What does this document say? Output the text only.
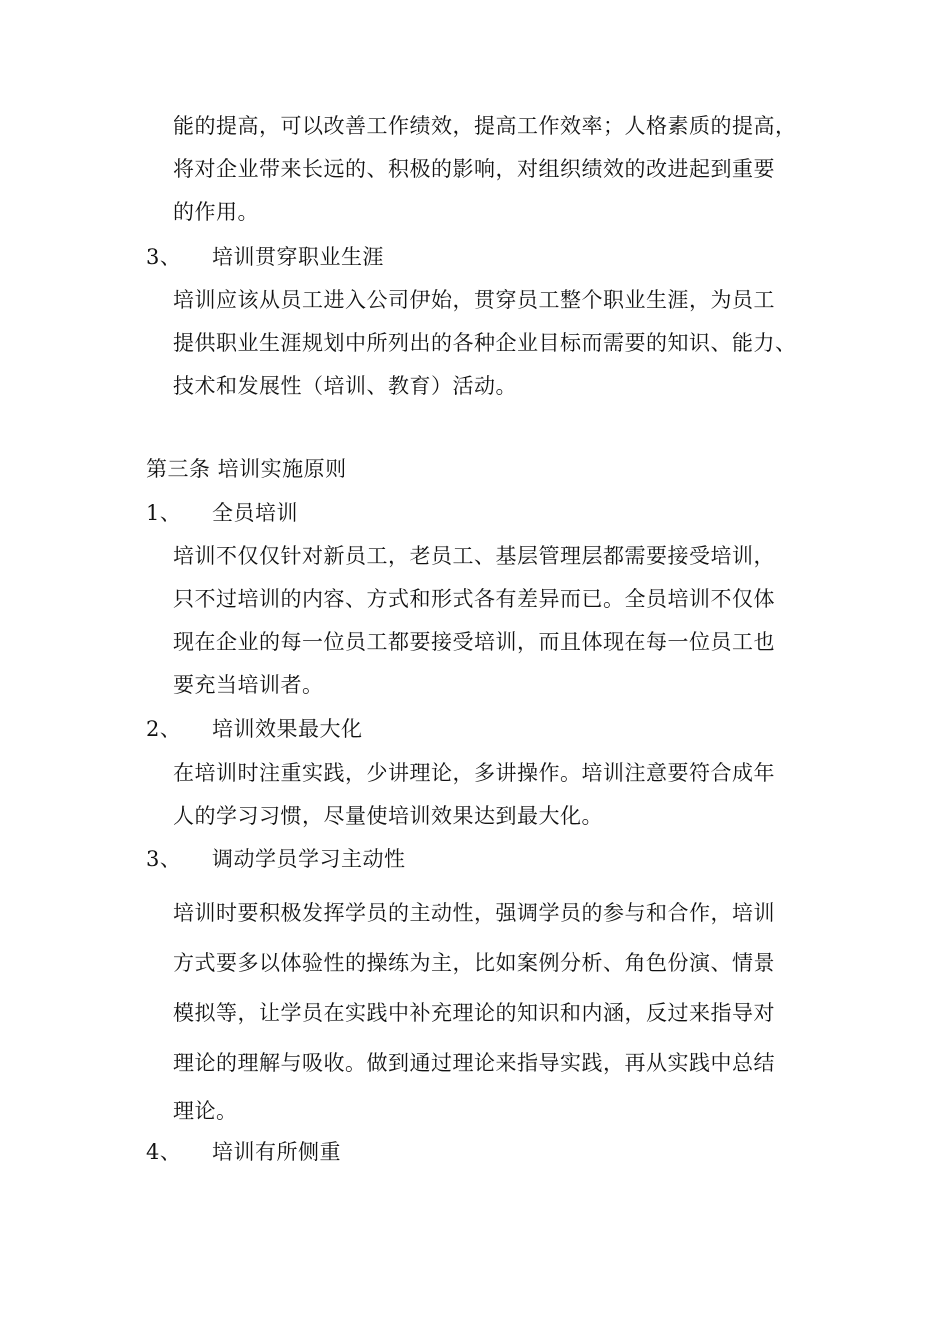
能的提高，可以改善工作绩效，提高工作效率；人格素质的提高，
将对企业带来长远的、积极的影响，对组织绩效的改进起到重要
的作用。
3、 培训贯穿职业生涯
培训应该从员工进入公司伊始，贯穿员工整个职业生涯，为员工
提供职业生涯规划中所列出的各种企业目标而需要的知识、能力、
技术和发展性（培训、教育）活动。
第三条 培训实施原则
1、 全员培训
培训不仅仅针对新员工，老员工、基层管理层都需要接受培训，
只不过培训的内容、方式和形式各有差异而已。全员培训不仅体
现在企业的每一位员工都要接受培训，而且体现在每一位员工也
要充当培训者。
2、 培训效果最大化
在培训时注重实践，少讲理论，多讲操作。培训注意要符合成年
人的学习习惯，尽量使培训效果达到最大化。
3、 调动学员学习主动性
培训时要积极发挥学员的主动性，强调学员的参与和合作，培训
方式要多以体验性的操练为主，比如案例分析、角色份演、情景
模拟等，让学员在实践中补充理论的知识和内涵，反过来指导对
理论的理解与吸收。做到通过理论来指导实践，再从实践中总结
理论。
4、 培训有所侧重
